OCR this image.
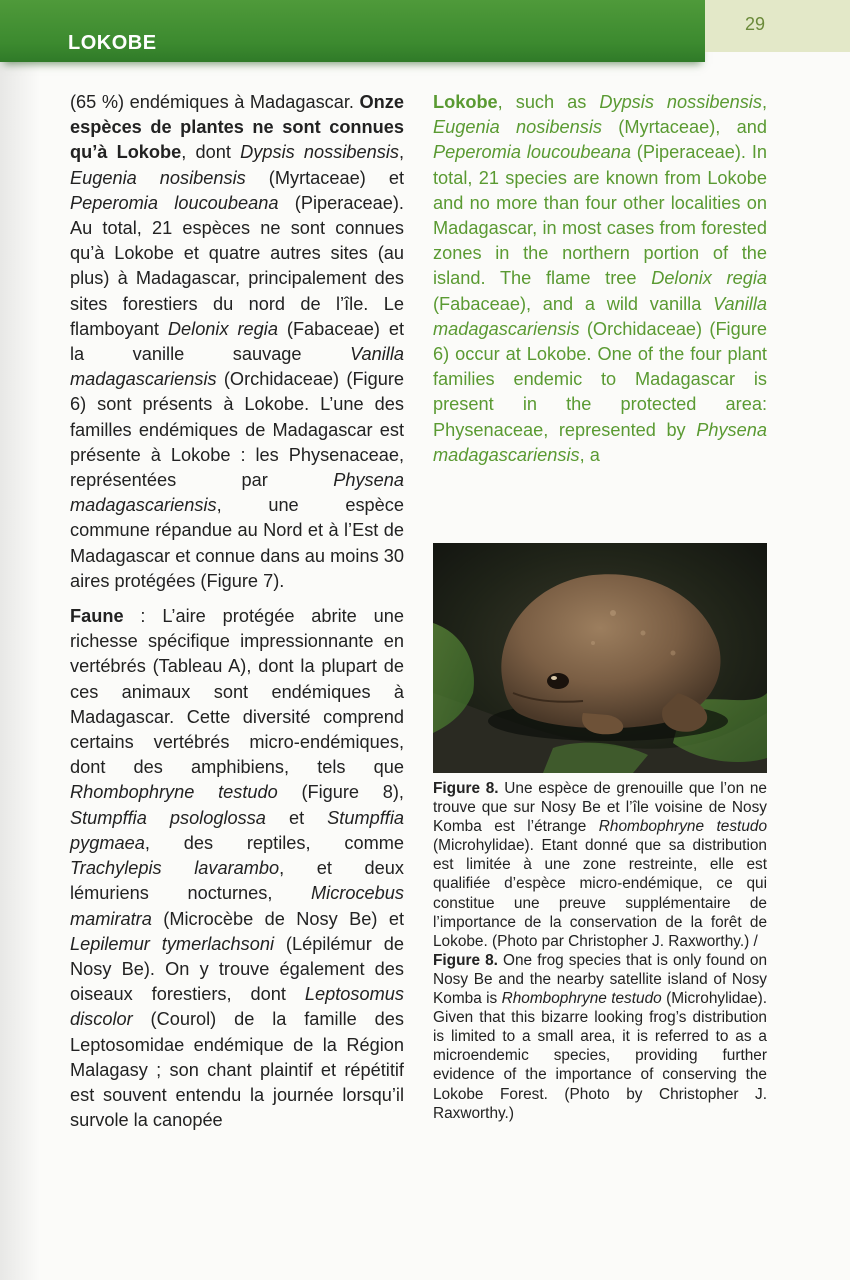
LOKOBE
29

(65 %) endémiques à Madagascar. Onze espèces de plantes ne sont connues qu’à Lokobe, dont Dypsis nossibensis, Eugenia nosibensis (Myrtaceae) et Peperomia loucoubeana (Piperaceae). Au total, 21 espèces ne sont connues qu’à Lokobe et quatre autres sites (au plus) à Madagascar, principalement des sites forestiers du nord de l’île. Le flamboyant Delonix regia (Fabaceae) et la vanille sauvage Vanilla madagascariensis (Orchidaceae) (Figure 6) sont présents à Lokobe. L’une des familles endémiques de Madagascar est présente à Lokobe : les Physenaceae, représentées par Physena madagascariensis, une espèce commune répandue au Nord et à l’Est de Madagascar et connue dans au moins 30 aires protégées (Figure 7).

Faune : L’aire protégée abrite une richesse spécifique impressionnante en vertébrés (Tableau A), dont la plupart de ces animaux sont endémiques à Madagascar. Cette diversité comprend certains vertébrés micro-endémiques, dont des amphibiens, tels que Rhombophryne testudo (Figure 8), Stumpffia psologlossa et Stumpffia pygmaea, des reptiles, comme Trachylepis lavarambo, et deux lémuriens nocturnes, Microcebus mamiratra (Microcèbe de Nosy Be) et Lepilemur tymerlachsoni (Lépilémur de Nosy Be). On y trouve également des oiseaux forestiers, dont Leptosomus discolor (Courol) de la famille des Leptosomidae endémique de la Région Malagasy ; son chant plaintif et répétitif est souvent entendu la journée lorsqu’il survole la canopée

Lokobe, such as Dypsis nossibensis, Eugenia nosibensis (Myrtaceae), and Peperomia loucoubeana (Piperaceae). In total, 21 species are known from Lokobe and no more than four other localities on Madagascar, in most cases from forested zones in the northern portion of the island. The flame tree Delonix regia (Fabaceae), and a wild vanilla Vanilla madagascariensis (Orchidaceae) (Figure 6) occur at Lokobe. One of the four plant families endemic to Madagascar is present in the protected area: Physenaceae, represented by Physena madagascariensis, a

Figure 8. Une espèce de grenouille que l’on ne trouve que sur Nosy Be et l’île voisine de Nosy Komba est l’étrange Rhombophryne testudo (Microhylidae). Etant donné que sa distribution est limitée à une zone restreinte, elle est qualifiée d’espèce micro-endémique, ce qui constitue une preuve supplémentaire de l’importance de la conservation de la forêt de Lokobe. (Photo par Christopher J. Raxworthy.) /
Figure 8. One frog species that is only found on Nosy Be and the nearby satellite island of Nosy Komba is Rhombophryne testudo (Microhylidae). Given that this bizarre looking frog’s distribution is limited to a small area, it is referred to as a microendemic species, providing further evidence of the importance of conserving the Lokobe Forest. (Photo by Christopher J. Raxworthy.)
